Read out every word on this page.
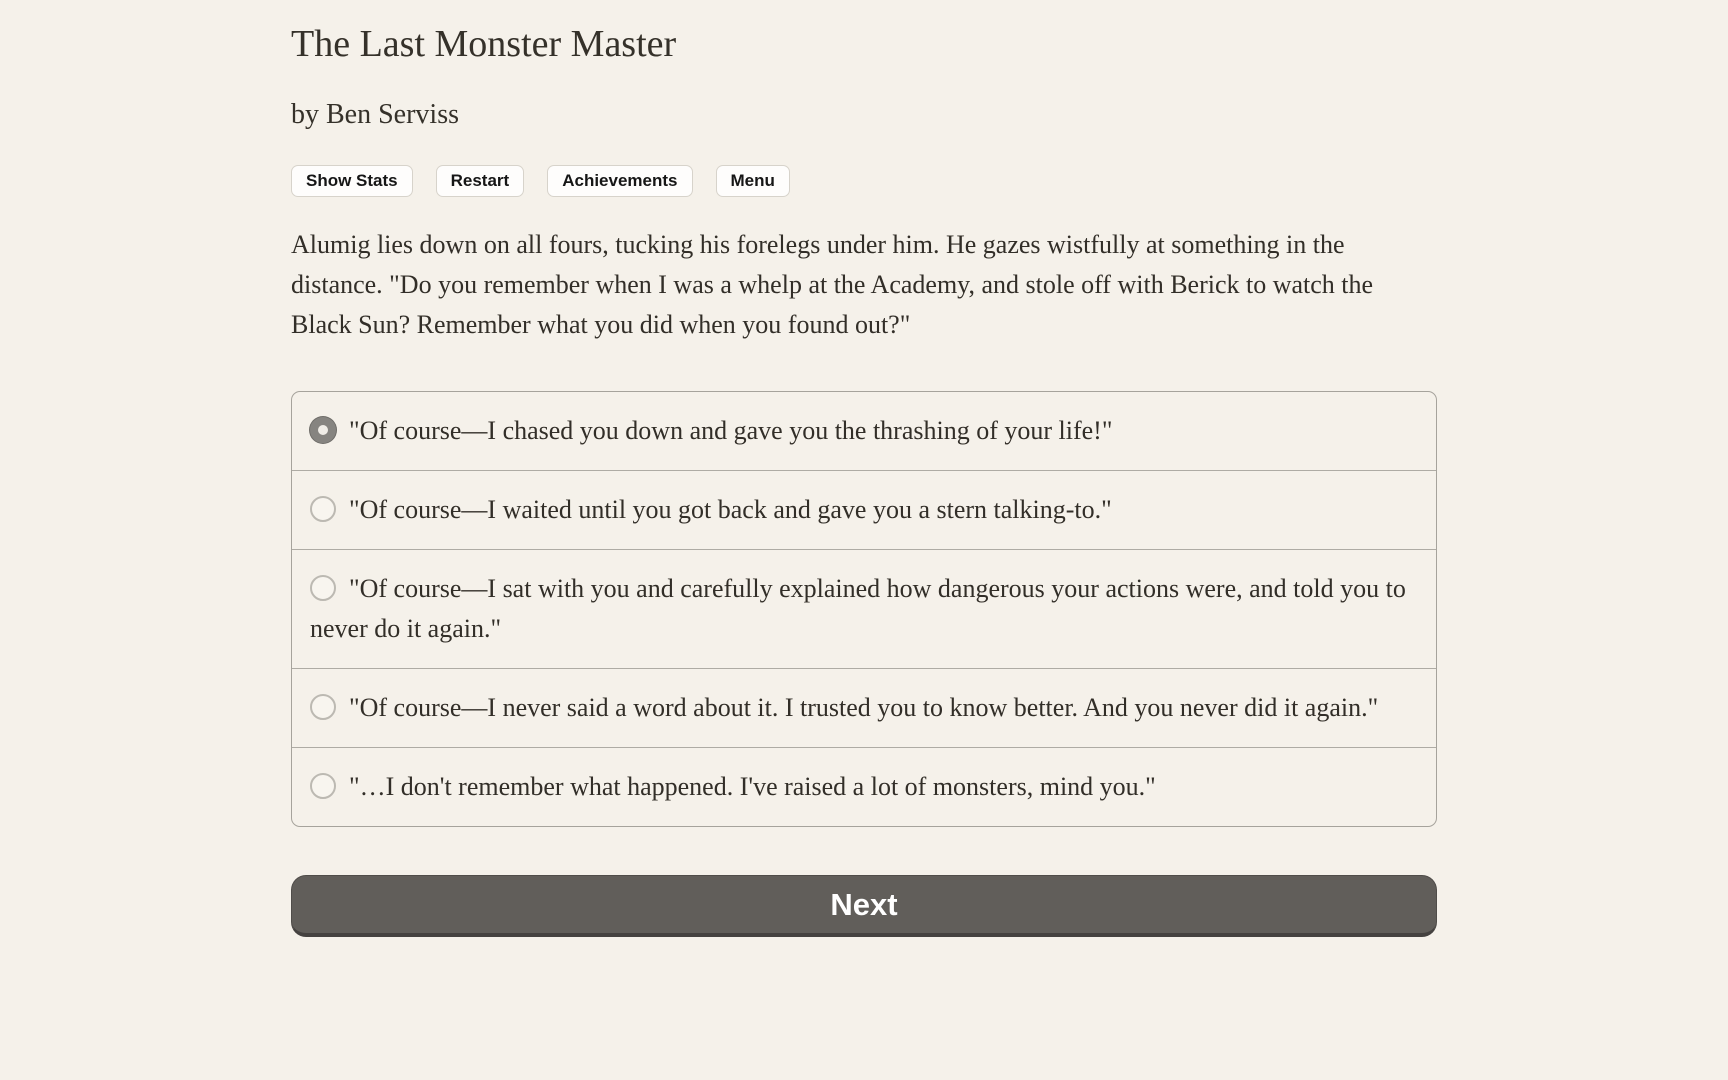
The Last Monster Master
by Ben Serviss
Show Stats	Restart	Achievements	Menu
Alumig lies down on all fours, tucking his forelegs under him. He gazes wistfully at something in the distance. "Do you remember when I was a whelp at the Academy, and stole off with Berick to watch the Black Sun? Remember what you did when you found out?"
"Of course—I chased you down and gave you the thrashing of your life!"
"Of course—I waited until you got back and gave you a stern talking-to."
"Of course—I sat with you and carefully explained how dangerous your actions were, and told you to never do it again."
"Of course—I never said a word about it. I trusted you to know better. And you never did it again."
"…I don't remember what happened. I've raised a lot of monsters, mind you."
Next
